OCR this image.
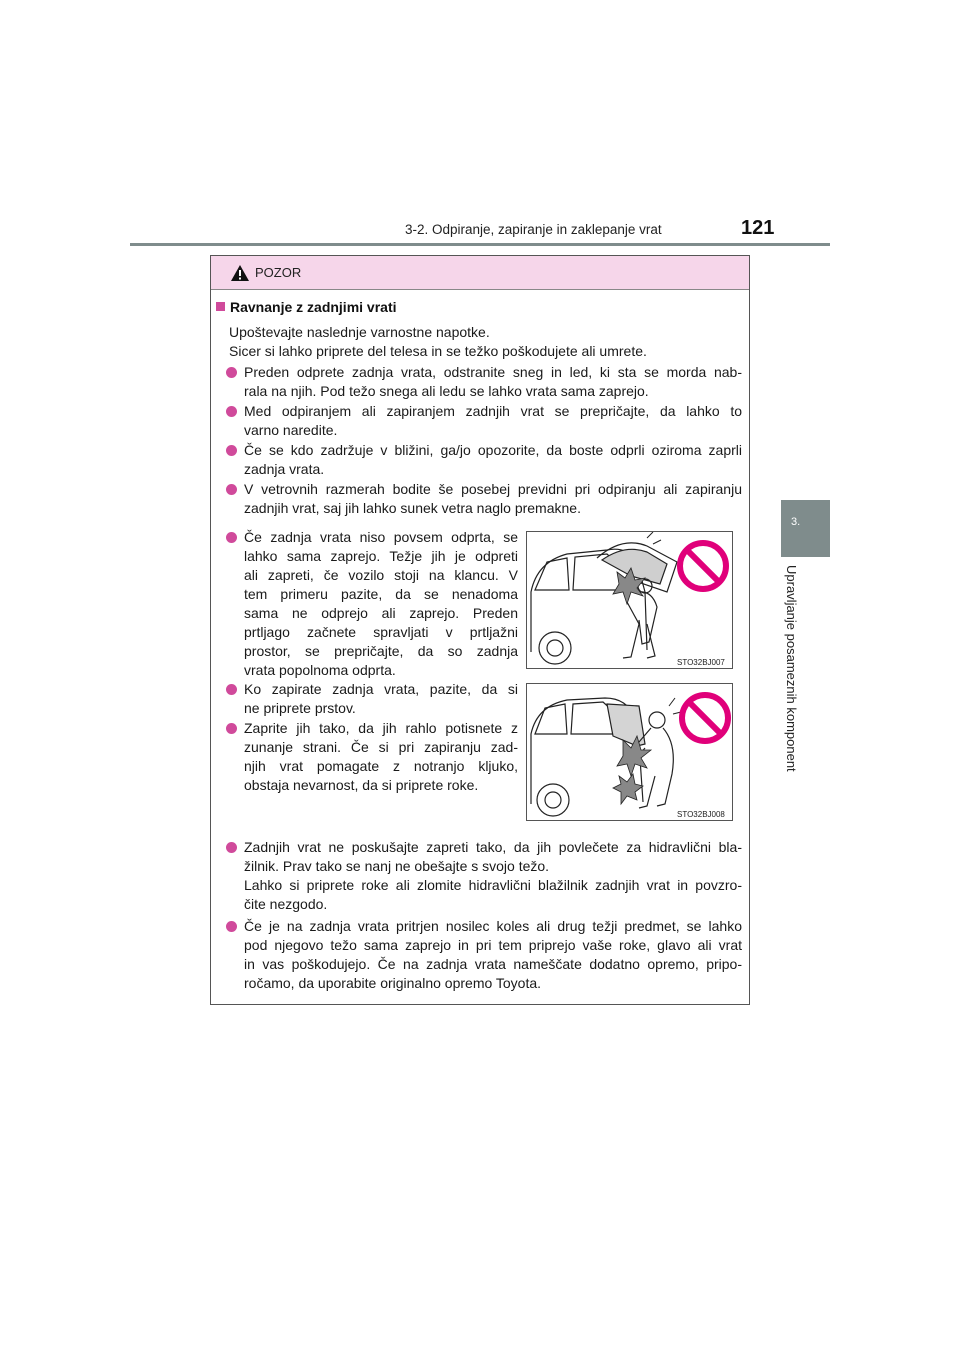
3-2. Odpiranje, zapiranje in zaklepanje vrat	121
3.
Upravljanje posameznih komponent
POZOR
Ravnanje z zadnjimi vrati
Upoštevajte naslednje varnostne napotke.
Sicer si lahko priprete del telesa in se težko poškodujete ali umrete.
Preden odprete zadnja vrata, odstranite sneg in led, ki sta se morda nab-
rala na njih. Pod težo snega ali ledu se lahko vrata sama zaprejo.
Med odpiranjem ali zapiranjem zadnjih vrat se prepričajte, da lahko to
varno naredite.
Če se kdo zadržuje v bližini, ga/jo opozorite, da boste odprli oziroma zaprli
zadnja vrata.
V vetrovnih razmerah bodite še posebej previdni pri odpiranju ali zapiranju
zadnjih vrat, saj jih lahko sunek vetra naglo premakne.
Če zadnja vrata niso povsem odprta, se
lahko sama zaprejo. Težje jih je odpreti
ali zapreti, če vozilo stoji na klancu. V
tem primeru pazite, da se nenadoma
sama ne odprejo ali zaprejo. Preden
prtljago začnete spravljati v prtljažni
prostor, se prepričajte, da so zadnja
vrata popolnoma odprta.	STO32BJ007
Ko zapirate zadnja vrata, pazite, da si
ne priprete prstov.
Zaprite jih tako, da jih rahlo potisnete z
zunanje strani. Če si pri zapiranju zad-
njih vrat pomagate z notranjo kljuko,
obstaja nevarnost, da si priprete roke.
STO32BJ008
Zadnjih vrat ne poskušajte zapreti tako, da jih povlečete za hidravlični bla-
žilnik. Prav tako se nanj ne obešajte s svojo težo.
Lahko si priprete roke ali zlomite hidravlični blažilnik zadnjih vrat in povzro-
čite nezgodo.
Če je na zadnja vrata pritrjen nosilec koles ali drug težji predmet, se lahko
pod njegovo težo sama zaprejo in pri tem priprejo vaše roke, glavo ali vrat
in vas poškodujejo. Če na zadnja vrata nameščate dodatno opremo, pripo-
ročamo, da uporabite originalno opremo Toyota.
